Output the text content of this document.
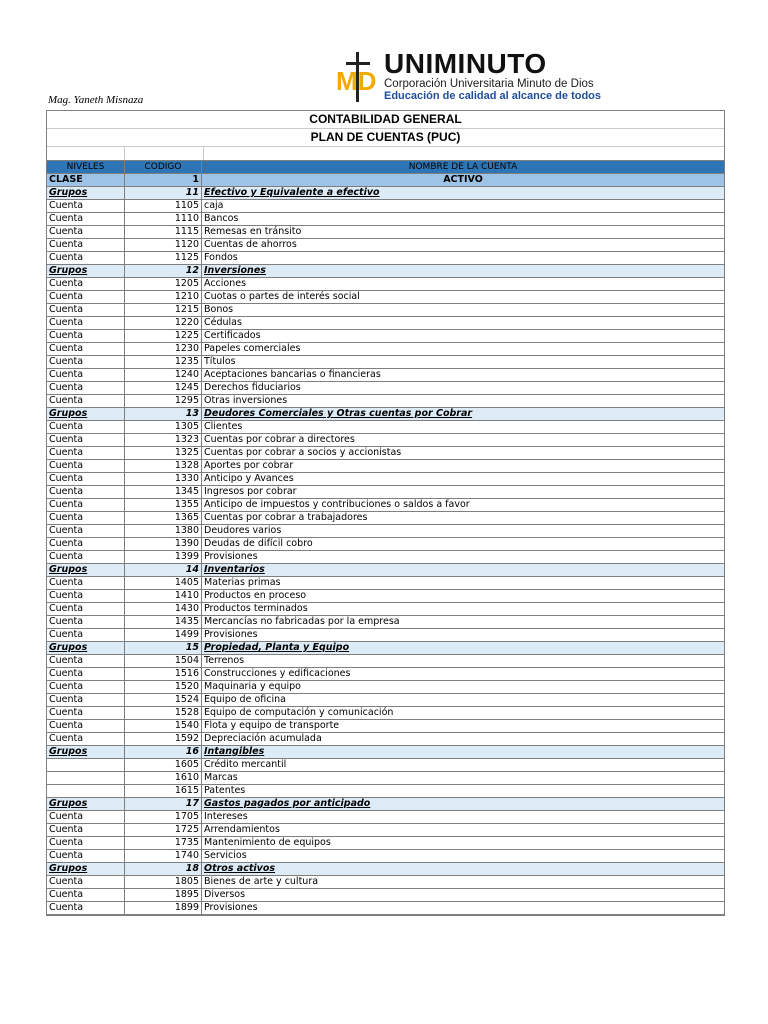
Mag. Yaneth Misnaza
MD
UNIMINUTO
Corporación Universitaria Minuto de Dios
Educación de calidad al alcance de todos
CONTABILIDAD GENERAL
PLAN DE CUENTAS (PUC)
NIVELES	CODIGO	NOMBRE DE LA CUENTA
CLASE	1	ACTIVO
Grupos	11	Efectivo y Equivalente a efectivo
Cuenta	1105	caja
Cuenta	1110	Bancos
Cuenta	1115	Remesas en tránsito
Cuenta	1120	Cuentas de ahorros
Cuenta	1125	Fondos
Grupos	12	Inversiones
Cuenta	1205	Acciones
Cuenta	1210	Cuotas o partes de interés social
Cuenta	1215	Bonos
Cuenta	1220	Cédulas
Cuenta	1225	Certificados
Cuenta	1230	Papeles comerciales
Cuenta	1235	Títulos
Cuenta	1240	Aceptaciones bancarias o financieras
Cuenta	1245	Derechos fiduciarios
Cuenta	1295	Otras inversiones
Grupos	13	Deudores Comerciales y Otras cuentas por Cobrar
Cuenta	1305	Clientes
Cuenta	1323	Cuentas por cobrar a directores
Cuenta	1325	Cuentas por cobrar a socios y accionistas
Cuenta	1328	Aportes por cobrar
Cuenta	1330	Anticipo y Avances
Cuenta	1345	Ingresos por cobrar
Cuenta	1355	Anticipo de impuestos y contribuciones o saldos a favor
Cuenta	1365	Cuentas por cobrar a trabajadores
Cuenta	1380	Deudores varios
Cuenta	1390	Deudas de difícil cobro
Cuenta	1399	Provisiones
Grupos	14	Inventarios
Cuenta	1405	Materias primas
Cuenta	1410	Productos en proceso
Cuenta	1430	Productos terminados
Cuenta	1435	Mercancías no fabricadas por la empresa
Cuenta	1499	Provisiones
Grupos	15	Propiedad, Planta y Equipo
Cuenta	1504	Terrenos
Cuenta	1516	Construcciones y edificaciones
Cuenta	1520	Maquinaria y equipo
Cuenta	1524	Equipo de oficina
Cuenta	1528	Equipo de computación y comunicación
Cuenta	1540	Flota y equipo de transporte
Cuenta	1592	Depreciación acumulada
Grupos	16	Intangibles
	1605	Crédito mercantil
	1610	Marcas
	1615	Patentes
Grupos	17	Gastos pagados por anticipado
Cuenta	1705	Intereses
Cuenta	1725	Arrendamientos
Cuenta	1735	Mantenimiento de equipos
Cuenta	1740	Servicios
Grupos	18	Otros activos
Cuenta	1805	Bienes de arte y cultura
Cuenta	1895	Diversos
Cuenta	1899	Provisiones
